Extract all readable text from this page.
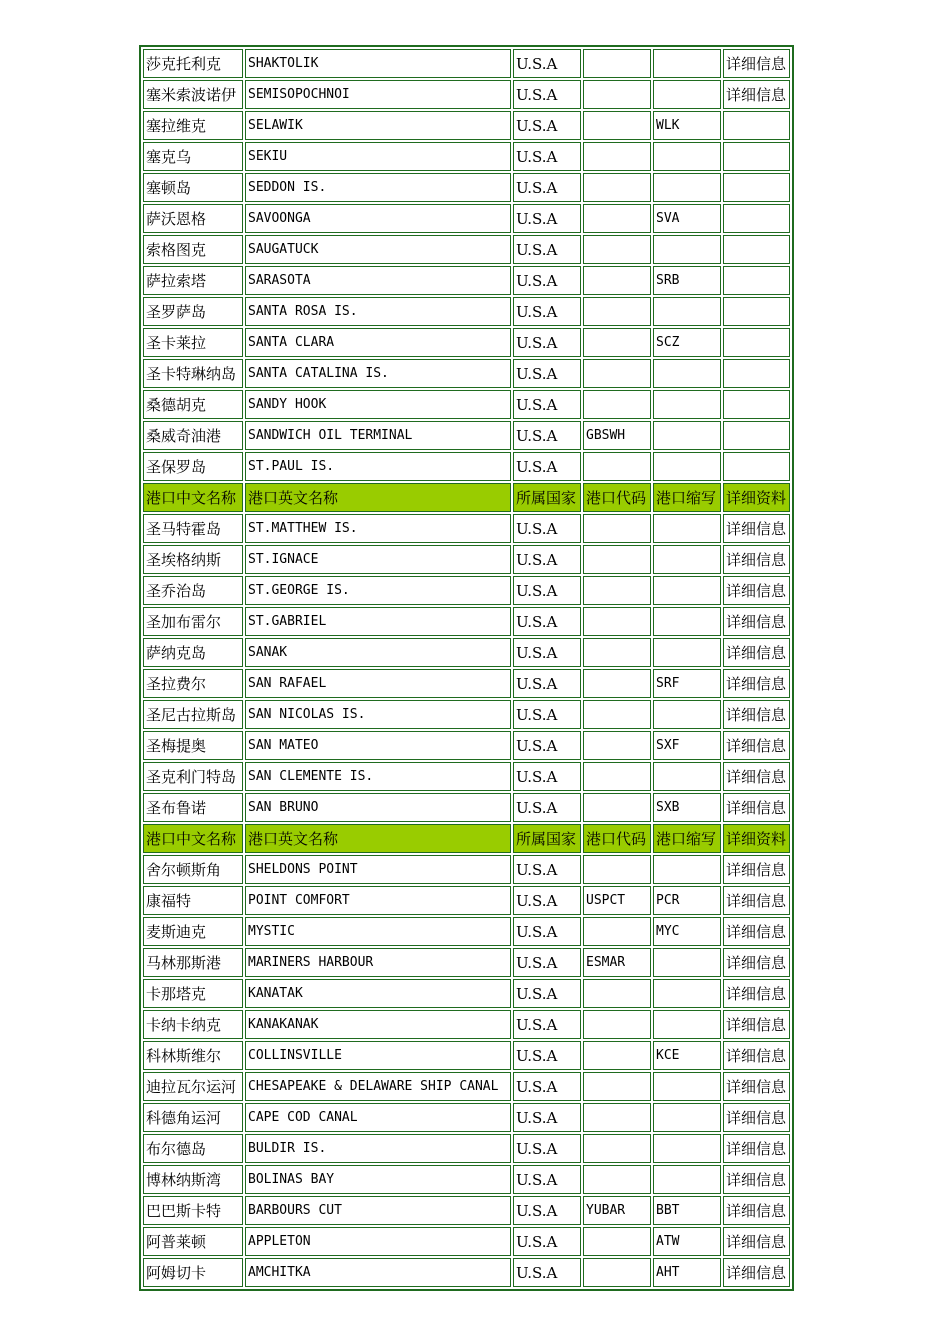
莎克托利克	SHAKTOLIK	U.S.A			详细信息
塞米索波诺伊	SEMISOPOCHNOI	U.S.A			详细信息
塞拉维克	SELAWIK	U.S.A		WLK	
塞克乌	SEKIU	U.S.A			
塞顿岛	SEDDON IS.	U.S.A			
萨沃恩格	SAVOONGA	U.S.A		SVA	
索格图克	SAUGATUCK	U.S.A			
萨拉索塔	SARASOTA	U.S.A		SRB	
圣罗萨岛	SANTA ROSA IS.	U.S.A			
圣卡莱拉	SANTA CLARA	U.S.A		SCZ	
圣卡特琳纳岛	SANTA CATALINA IS.	U.S.A			
桑德胡克	SANDY HOOK	U.S.A			
桑威奇油港	SANDWICH OIL TERMINAL	U.S.A	GBSWH		
圣保罗岛	ST.PAUL IS.	U.S.A			
港口中文名称	港口英文名称	所属国家	港口代码	港口缩写	详细资料
圣马特霍岛	ST.MATTHEW IS.	U.S.A			详细信息
圣埃格纳斯	ST.IGNACE	U.S.A			详细信息
圣乔治岛	ST.GEORGE IS.	U.S.A			详细信息
圣加布雷尔	ST.GABRIEL	U.S.A			详细信息
萨纳克岛	SANAK	U.S.A			详细信息
圣拉费尔	SAN RAFAEL	U.S.A		SRF	详细信息
圣尼古拉斯岛	SAN NICOLAS IS.	U.S.A			详细信息
圣梅提奥	SAN MATEO	U.S.A		SXF	详细信息
圣克利门特岛	SAN CLEMENTE IS.	U.S.A			详细信息
圣布鲁诺	SAN BRUNO	U.S.A		SXB	详细信息
港口中文名称	港口英文名称	所属国家	港口代码	港口缩写	详细资料
舍尔顿斯角	SHELDONS POINT	U.S.A			详细信息
康福特	POINT COMFORT	U.S.A	USPCT	PCR	详细信息
麦斯迪克	MYSTIC	U.S.A		MYC	详细信息
马林那斯港	MARINERS HARBOUR	U.S.A	ESMAR		详细信息
卡那塔克	KANATAK	U.S.A			详细信息
卡纳卡纳克	KANAKANAK	U.S.A			详细信息
科林斯维尔	COLLINSVILLE	U.S.A		KCE	详细信息
迪拉瓦尔运河	CHESAPEAKE & DELAWARE SHIP CANAL	U.S.A			详细信息
科德角运河	CAPE COD CANAL	U.S.A			详细信息
布尔德岛	BULDIR IS.	U.S.A			详细信息
博林纳斯湾	BOLINAS BAY	U.S.A			详细信息
巴巴斯卡特	BARBOURS CUT	U.S.A	YUBAR	BBT	详细信息
阿普莱顿	APPLETON	U.S.A		ATW	详细信息
阿姆切卡	AMCHITKA	U.S.A		AHT	详细信息
